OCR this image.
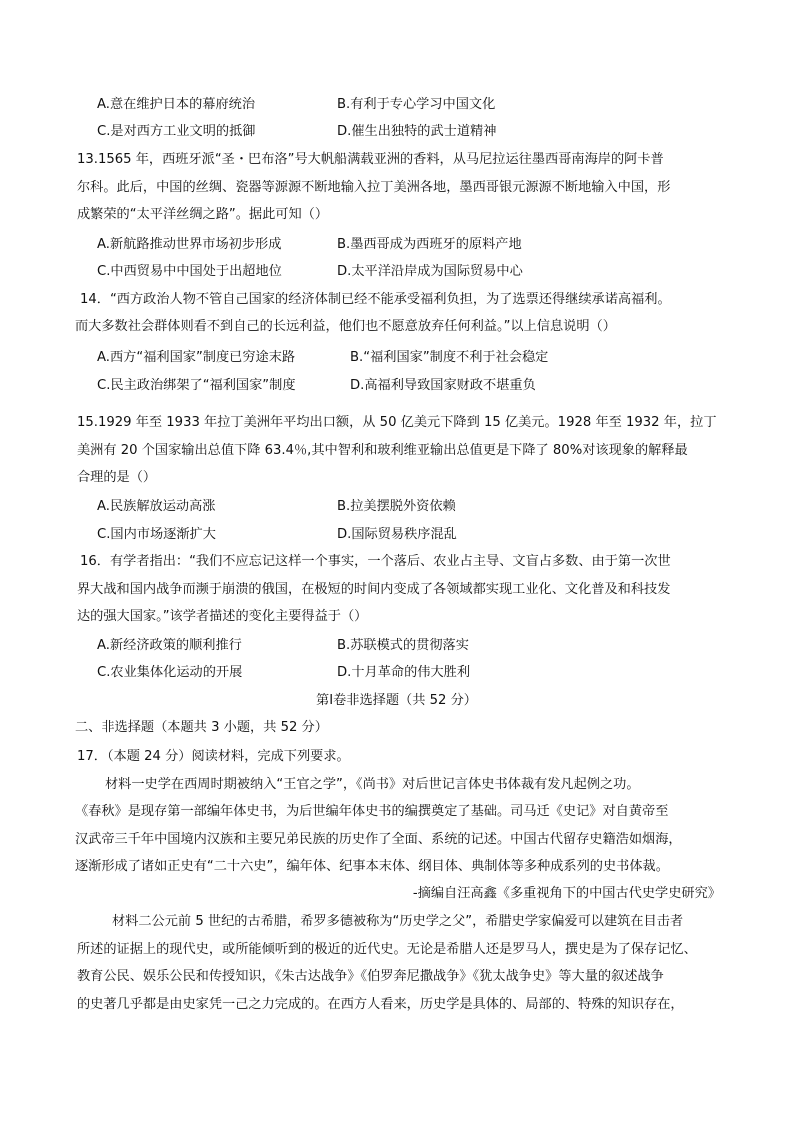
A.意在维护日本的幕府统治	B.有利于专心学习中国文化
C.是对西方工业文明的抵御	D.催生出独特的武士道精神
13.1565 年，西班牙派“圣・巴布洛”号大帆船满载亚洲的香料，从马尼拉运往墨西哥南海岸的阿卡普
尔科。此后，中国的丝绸、瓷器等源源不断地输入拉丁美洲各地，墨西哥银元源源不断地输入中国，形
成繁荣的“太平洋丝绸之路”。据此可知（）
A.新航路推动世界市场初步形成	B.墨西哥成为西班牙的原料产地
C.中西贸易中中国处于出超地位	D.太平洋沿岸成为国际贸易中心
14．“西方政治人物不管自己国家的经济体制已经不能承受福利负担，为了选票还得继续承诺高福利。
而大多数社会群体则看不到自己的长远利益，他们也不愿意放弃任何利益。”以上信息说明（）
A.西方“福利国家”制度已穷途末路	B.“福利国家”制度不利于社会稳定
C.民主政治绑架了“福利国家”制度	D.高福利导致国家财政不堪重负
15.1929 年至 1933 年拉丁美洲年平均出口额，从 50 亿美元下降到 15 亿美元。1928 年至 1932 年，拉丁
美洲有 20 个国家输出总值下降 63.4％,其中智利和玻利维亚输出总值更是下降了 80%对该现象的解释最
合理的是（）
A.民族解放运动高涨	B.拉美摆脱外资依赖
C.国内市场逐渐扩大	D.国际贸易秩序混乱
16．有学者指出：“我们不应忘记这样一个事实，一个落后、农业占主导、文盲占多数、由于第一次世
界大战和国内战争而濒于崩溃的俄国，在极短的时间内变成了各领域都实现工业化、文化普及和科技发
达的强大国家。”该学者描述的变化主要得益于（）
A.新经济政策的顺利推行	B.苏联模式的贯彻落实
C.农业集体化运动的开展	D.十月革命的伟大胜利
第Ⅰ卷非选择题（共 52 分）
二、非选择题（本题共 3 小题，共 52 分）
17．（本题 24 分）阅读材料，完成下列要求。
材料一史学在西周时期被纳入“王官之学”，《尚书》对后世记言体史书体裁有发凡起例之功。
《春秋》是现存第一部编年体史书，为后世编年体史书的编撰奠定了基础。司马迁《史记》对自黄帝至
汉武帝三千年中国境内汉族和主要兄弟民族的历史作了全面、系统的记述。中国古代留存史籍浩如烟海，
逐渐形成了诸如正史有“二十六史”，编年体、纪事本末体、纲目体、典制体等多种成系列的史书体裁。
-摘编自汪高鑫《多重视角下的中国古代史学史研究》
材料二公元前 5 世纪的古希腊，希罗多德被称为“历史学之父”，希腊史学家偏爱可以建筑在目击者
所述的证据上的现代史，或所能倾听到的极近的近代史。无论是希腊人还是罗马人，撰史是为了保存记忆、
教育公民、娱乐公民和传授知识，《朱古达战争》《伯罗奔尼撒战争》《犹太战争史》等大量的叙述战争
的史著几乎都是由史家凭一己之力完成的。在西方人看来，历史学是具体的、局部的、特殊的知识存在，
